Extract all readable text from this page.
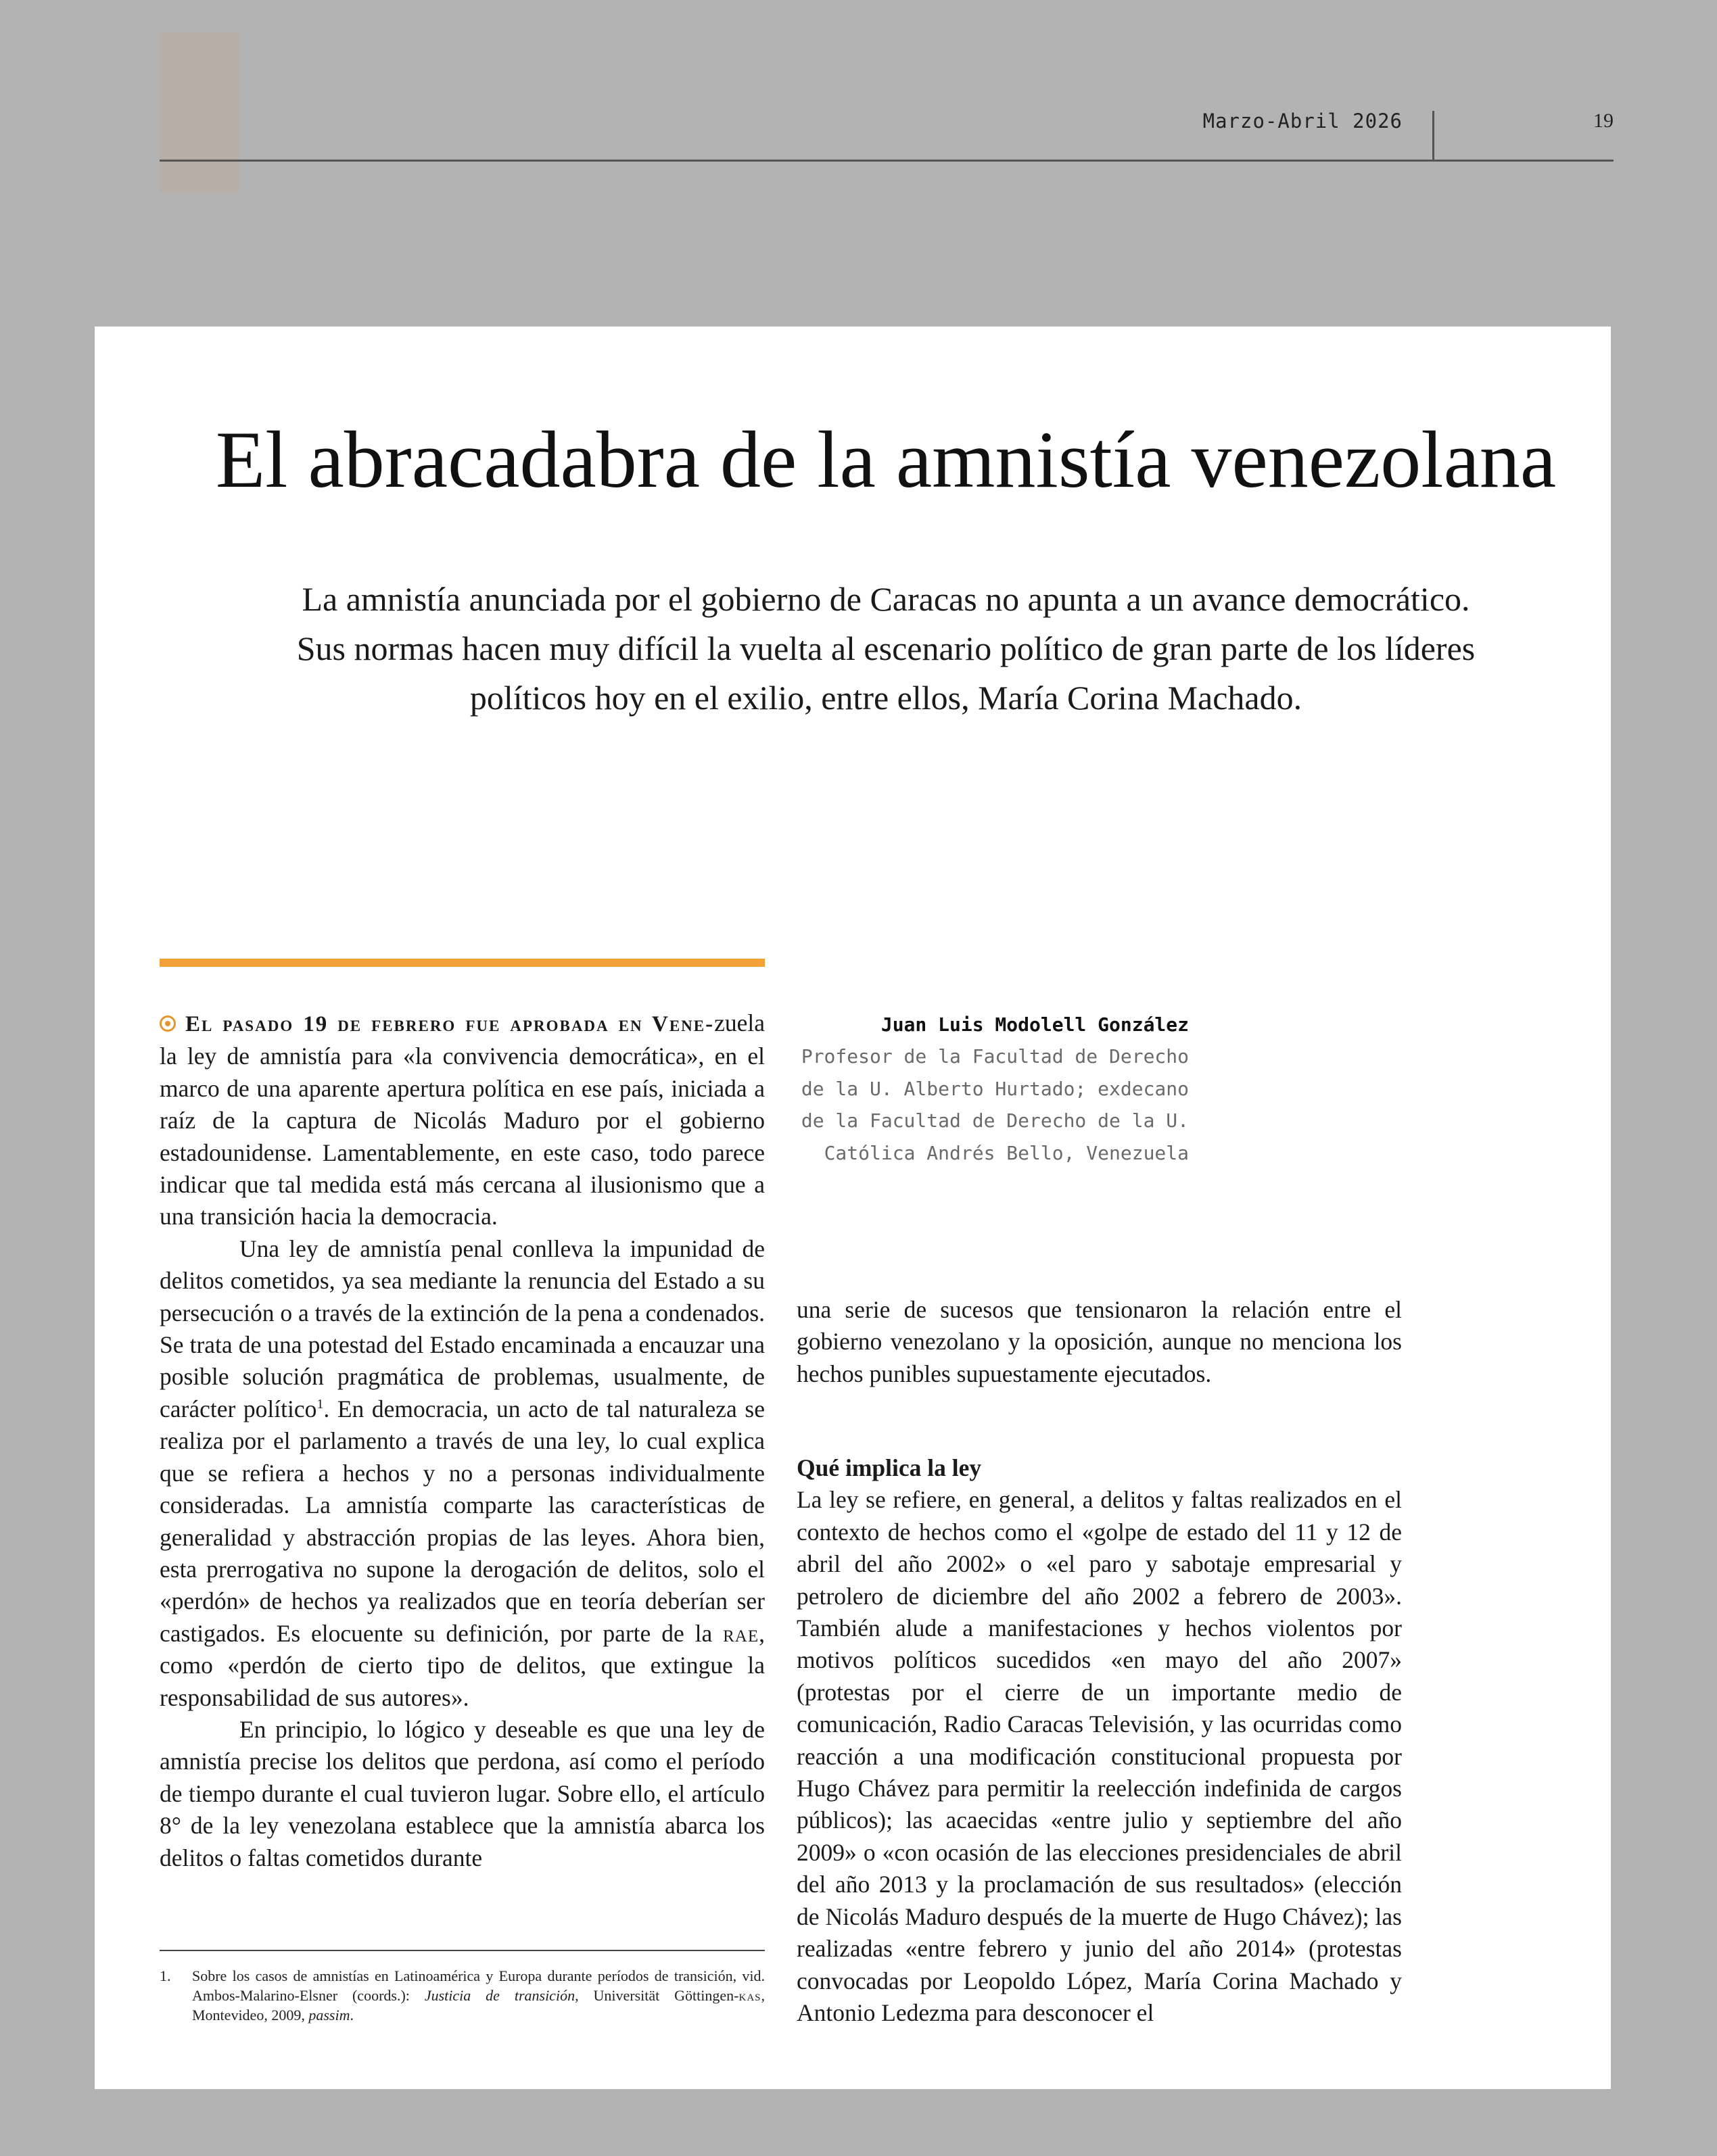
Marzo-Abril 2026	19
El abracadabra de la amnistía venezolana

La amnistía anunciada por el gobierno de Caracas no apunta a un avance democrático. Sus normas hacen muy difícil la vuelta al escenario político de gran parte de los líderes políticos hoy en el exilio, entre ellos, María Corina Machado.

Juan Luis Modolell González
Profesor de la Facultad de Derecho de la U. Alberto Hurtado; exdecano de la Facultad de Derecho de la U. Católica Andrés Bello, Venezuela

El pasado 19 de febrero fue aprobada en Vene-zuela la ley de amnistía para «la convivencia democrática», en el marco de una aparente apertura política en ese país, iniciada a raíz de la captura de Nicolás Maduro por el gobierno estadounidense. Lamentablemente, en este caso, todo parece indicar que tal medida está más cercana al ilusionismo que a una transición hacia la democracia.

Una ley de amnistía penal conlleva la impunidad de delitos cometidos, ya sea mediante la renuncia del Estado a su persecución o a través de la extinción de la pena a condenados. Se trata de una potestad del Estado encaminada a encauzar una posible solución pragmática de problemas, usualmente, de carácter político$^1$. En democracia, un acto de tal naturaleza se realiza por el parlamento a través de una ley, lo cual explica que se refiera a hechos y no a personas individualmente consideradas. La amnistía comparte las características de generalidad y abstracción propias de las leyes. Ahora bien, esta prerrogativa no supone la derogación de delitos, solo el «perdón» de hechos ya realizados que en teoría deberían ser castigados. Es elocuente su definición, por parte de la rae, como «perdón de cierto tipo de delitos, que extingue la responsabilidad de sus autores».

En principio, lo lógico y deseable es que una ley de amnistía precise los delitos que perdona, así como el período de tiempo durante el cual tuvieron lugar. Sobre ello, el artículo 8° de la ley venezolana establece que la amnistía abarca los delitos o faltas cometidos durante

una serie de sucesos que tensionaron la relación entre el gobierno venezolano y la oposición, aunque no menciona los hechos punibles supuestamente ejecutados.

Qué implica la ley

La ley se refiere, en general, a delitos y faltas realizados en el contexto de hechos como el «golpe de estado del 11 y 12 de abril del año 2002» o «el paro y sabotaje empresarial y petrolero de diciembre del año 2002 a febrero de 2003». También alude a manifestaciones y hechos violentos por motivos políticos sucedidos «en mayo del año 2007» (protestas por el cierre de un importante medio de comunicación, Radio Caracas Televisión, y las ocurridas como reacción a una modificación constitucional propuesta por Hugo Chávez para permitir la reelección indefinida de cargos públicos); las acaecidas «entre julio y septiembre del año 2009» o «con ocasión de las elecciones presidenciales de abril del año 2013 y la proclamación de sus resultados» (elección de Nicolás Maduro después de la muerte de Hugo Chávez); las realizadas «entre febrero y junio del año 2014» (protestas convocadas por Leopoldo López, María Corina Machado y Antonio Ledezma para desconocer el

1. Sobre los casos de amnistías en Latinoamérica y Europa durante períodos de transición, vid. Ambos-Malarino-Elsner (coords.): Justicia de transición, Universität Göttingen-kas, Montevideo, 2009, passim.
